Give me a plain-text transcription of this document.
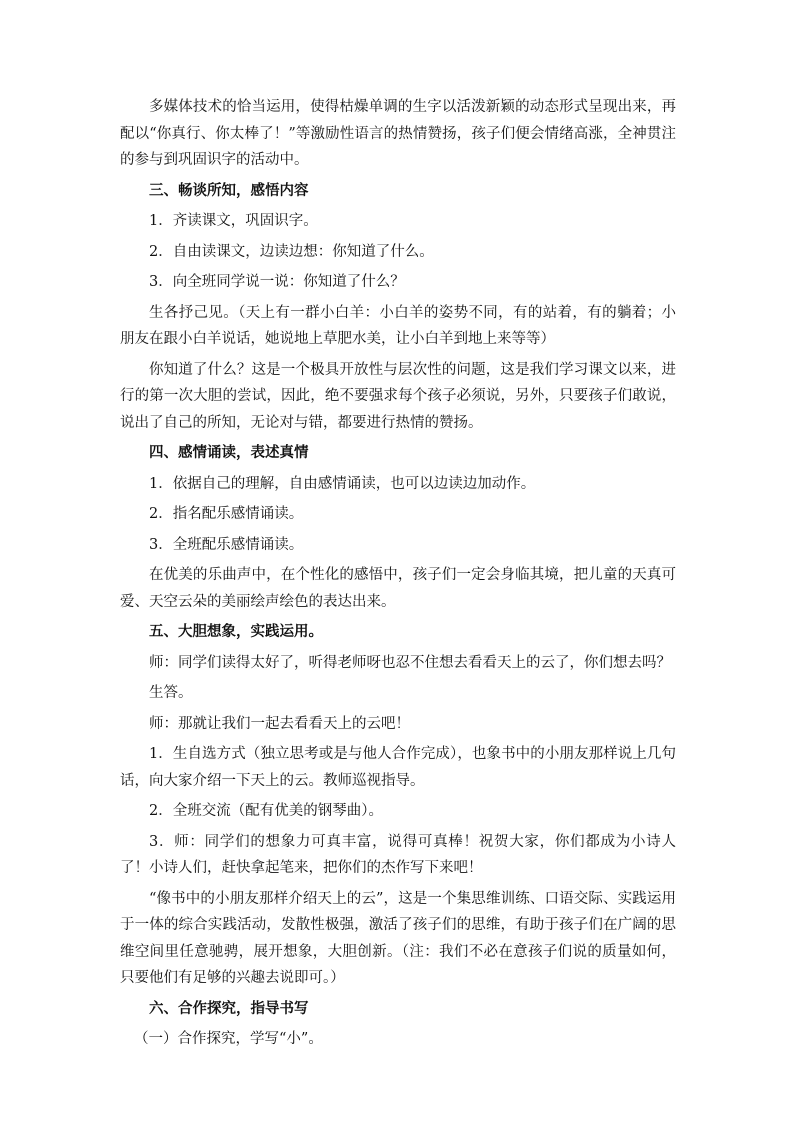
多媒体技术的恰当运用，使得枯燥单调的生字以活泼新颖的动态形式呈现出来，再配以“你真行、你太棒了！”等激励性语言的热情赞扬，孩子们便会情绪高涨，全神贯注的参与到巩固识字的活动中。

三、畅谈所知，感悟内容

1．齐读课文，巩固识字。

2．自由读课文，边读边想：你知道了什么。

3．向全班同学说一说：你知道了什么？

生各抒己见。（天上有一群小白羊：小白羊的姿势不同，有的站着，有的躺着；小朋友在跟小白羊说话，她说地上草肥水美，让小白羊到地上来等等）

你知道了什么？这是一个极具开放性与层次性的问题，这是我们学习课文以来，进行的第一次大胆的尝试，因此，绝不要强求每个孩子必须说，另外，只要孩子们敢说，说出了自己的所知，无论对与错，都要进行热情的赞扬。

四、感情诵读，表述真情

1．依据自己的理解，自由感情诵读，也可以边读边加动作。

2．指名配乐感情诵读。

3．全班配乐感情诵读。

在优美的乐曲声中，在个性化的感悟中，孩子们一定会身临其境，把儿童的天真可爱、天空云朵的美丽绘声绘色的表达出来。

五、大胆想象，实践运用。

师：同学们读得太好了，听得老师呀也忍不住想去看看天上的云了，你们想去吗？

生答。

师：那就让我们一起去看看天上的云吧！

1．生自选方式（独立思考或是与他人合作完成），也象书中的小朋友那样说上几句话，向大家介绍一下天上的云。教师巡视指导。

2．全班交流（配有优美的钢琴曲）。

3．师：同学们的想象力可真丰富，说得可真棒！祝贺大家，你们都成为小诗人了！小诗人们，赶快拿起笔来，把你们的杰作写下来吧！

“像书中的小朋友那样介绍天上的云”，这是一个集思维训练、口语交际、实践运用于一体的综合实践活动，发散性极强，激活了孩子们的思维，有助于孩子们在广阔的思维空间里任意驰骋，展开想象，大胆创新。（注：我们不必在意孩子们说的质量如何，只要他们有足够的兴趣去说即可。）

六、合作探究，指导书写

（一）合作探究，学写“小”。
